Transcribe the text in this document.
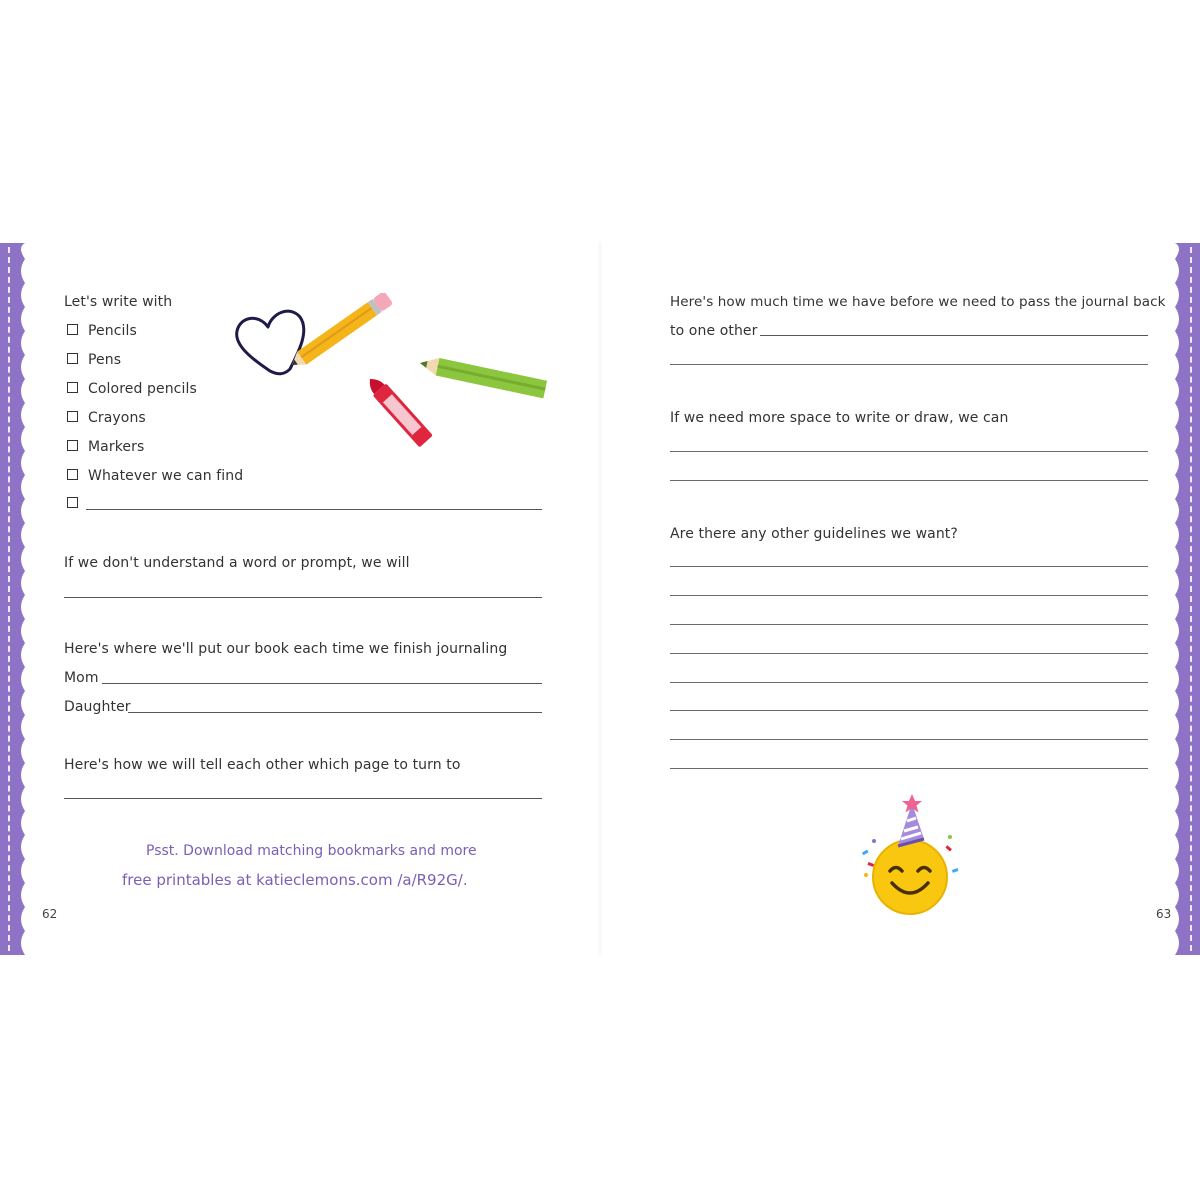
Let's write with
Pencils
Pens
Colored pencils
Crayons
Markers
Whatever we can find
If we don't understand a word or prompt, we will
Here's where we'll put our book each time we finish journaling
Mom
Daughter
Here's how we will tell each other which page to turn to
Psst. Download matching bookmarks and more
free printables at katieclemons.com /a/R92G/.
62
Here's how much time we have before we need to pass the journal back
to one other
If we need more space to write or draw, we can
Are there any other guidelines we want?
63
